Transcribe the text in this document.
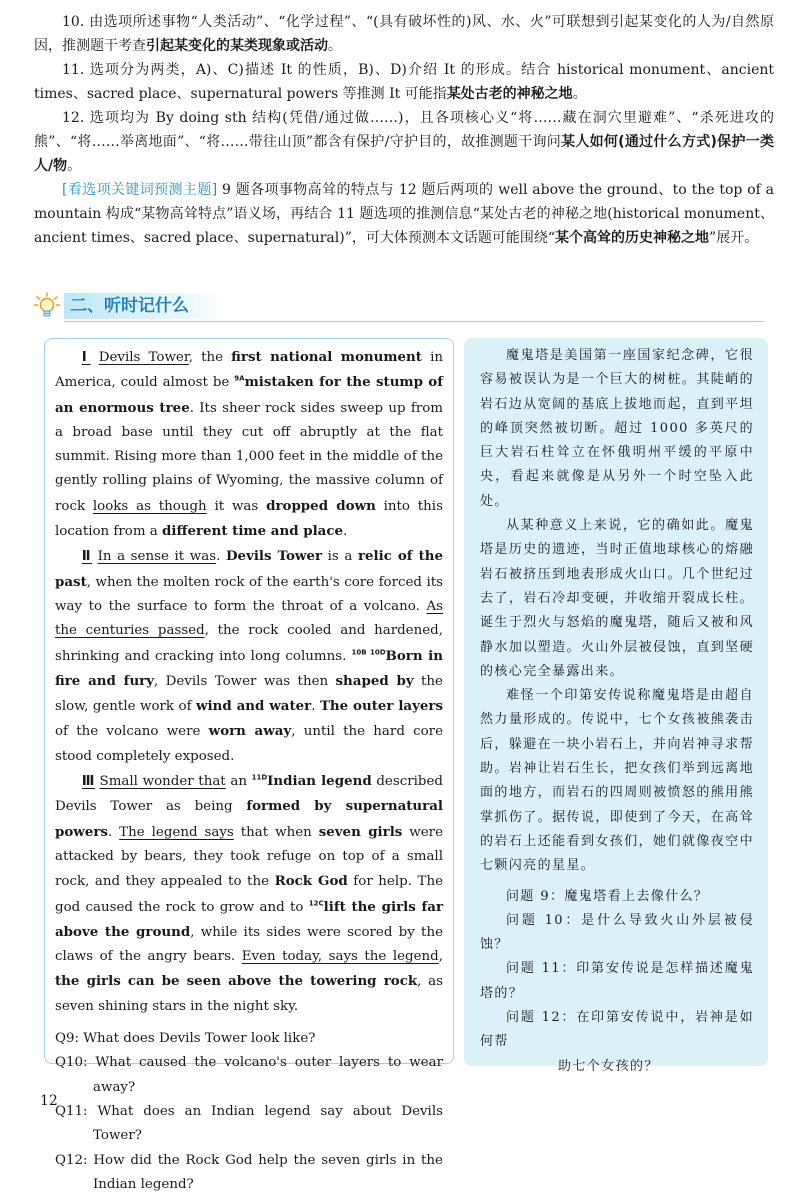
10. 由选项所述事物“人类活动”、“化学过程”、“(具有破坏性的)风、水、火”可联想到引起某变化的人为/自然原因，推测题干考查引起某变化的某类现象或活动。

11. 选项分为两类，A)、C)描述 It 的性质，B)、D)介绍 It 的形成。结合 historical monument、ancient times、sacred place、supernatural powers 等推测 It 可能指某处古老的神秘之地。

12. 选项均为 By doing sth 结构(凭借/通过做……)，且各项核心义“将……藏在洞穴里避难”、“杀死进攻的熊”、“将……举离地面”、“将……带往山顶”都含有保护/守护目的，故推测题干询问某人如何(通过什么方式)保护一类人/物。

[看选项关键词预测主题] 9 题各项事物高耸的特点与 12 题后两项的 well above the ground、to the top of a mountain 构成“某物高耸特点”语义场，再结合 11 题选项的推测信息“某处古老的神秘之地(historical monument、ancient times、sacred place、supernatural)”，可大体预测本文话题可能围绕“某个高耸的历史神秘之地”展开。

二、听时记什么

Ⅰ Devils Tower, the first national monument in America, could almost be $^{9A}$mistaken for the stump of an enormous tree. Its sheer rock sides sweep up from a broad base until they cut off abruptly at the flat summit. Rising more than 1,000 feet in the middle of the gently rolling plains of Wyoming, the massive column of rock looks as though it was dropped down into this location from a different time and place.

Ⅱ In a sense it was. Devils Tower is a relic of the past, when the molten rock of the earth's core forced its way to the surface to form the throat of a volcano. As the centuries passed, the rock cooled and hardened, shrinking and cracking into long columns. $^{10B 10D}$Born in fire and fury, Devils Tower was then shaped by the slow, gentle work of wind and water. The outer layers of the volcano were worn away, until the hard core stood completely exposed.

Ⅲ Small wonder that an $^{11D}$Indian legend described Devils Tower as being formed by supernatural powers. The legend says that when seven girls were attacked by bears, they took refuge on top of a small rock, and they appealed to the Rock God for help. The god caused the rock to grow and to $^{12C}$lift the girls far above the ground, while its sides were scored by the claws of the angry bears. Even today, says the legend, the girls can be seen above the towering rock, as seven shining stars in the night sky.

Q9: What does Devils Tower look like?

Q10: What caused the volcano's outer layers to wear away?

Q11: What does an Indian legend say about Devils Tower?

Q12: How did the Rock God help the seven girls in the Indian legend?

魔鬼塔是美国第一座国家纪念碑，它很容易被误认为是一个巨大的树桩。其陡峭的岩石边从宽阔的基底上拔地而起，直到平坦的峰顶突然被切断。超过 1000 多英尺的巨大岩石柱耸立在怀俄明州平缓的平原中央，看起来就像是从另外一个时空坠入此处。

从某种意义上来说，它的确如此。魔鬼塔是历史的遗迹，当时正值地球核心的熔融岩石被挤压到地表形成火山口。几个世纪过去了，岩石冷却变硬，并收缩开裂成长柱。诞生于烈火与怒焰的魔鬼塔，随后又被和风静水加以塑造。火山外层被侵蚀，直到坚硬的核心完全暴露出来。

难怪一个印第安传说称魔鬼塔是由超自然力量形成的。传说中，七个女孩被熊袭击后，躲避在一块小岩石上，并向岩神寻求帮助。岩神让岩石生长，把女孩们举到远离地面的地方，而岩石的四周则被愤怒的熊用熊掌抓伤了。据传说，即使到了今天，在高耸的岩石上还能看到女孩们，她们就像夜空中七颗闪亮的星星。

问题 9：魔鬼塔看上去像什么？

问题 10：是什么导致火山外层被侵蚀？

问题 11：印第安传说是怎样描述魔鬼塔的？

问题 12：在印第安传说中，岩神是如何帮

助七个女孩的？

12
